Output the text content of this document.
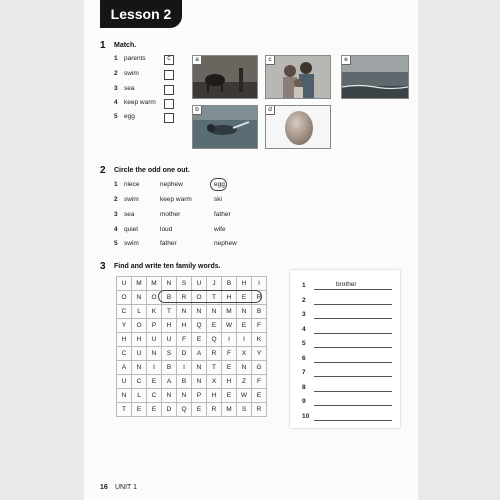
Lesson 2
1 Match.
1 parents	c
2 swim
3 sea
4 keep warm
5 egg
a
b
c
d
e
2 Circle the odd one out.
1 niece	nephew	egg
2 swim	keep warm	ski
3 sea	mother	father
4 quiet	loud	wife
5 swim	father	nephew
3 Find and write ten family words.
U	M	M	N	S	U	J	B	H	I
O	N	O	B	R	O	T	H	E	R
C	L	K	T	N	N	N	M	N	B
Y	O	P	H	H	Q	E	W	E	F
H	H	U	U	F	E	Q	I	I	K
C	U	N	S	D	A	R	F	X	Y
A	N	I	B	I	N	T	E	N	G
U	C	E	A	B	N	X	H	Z	F
N	L	C	N	N	P	H	E	W	E
T	E	E	D	Q	E	R	M	S	R
1	brother
2
3
4
5
6
7
8
9
10
16 UNIT 1
